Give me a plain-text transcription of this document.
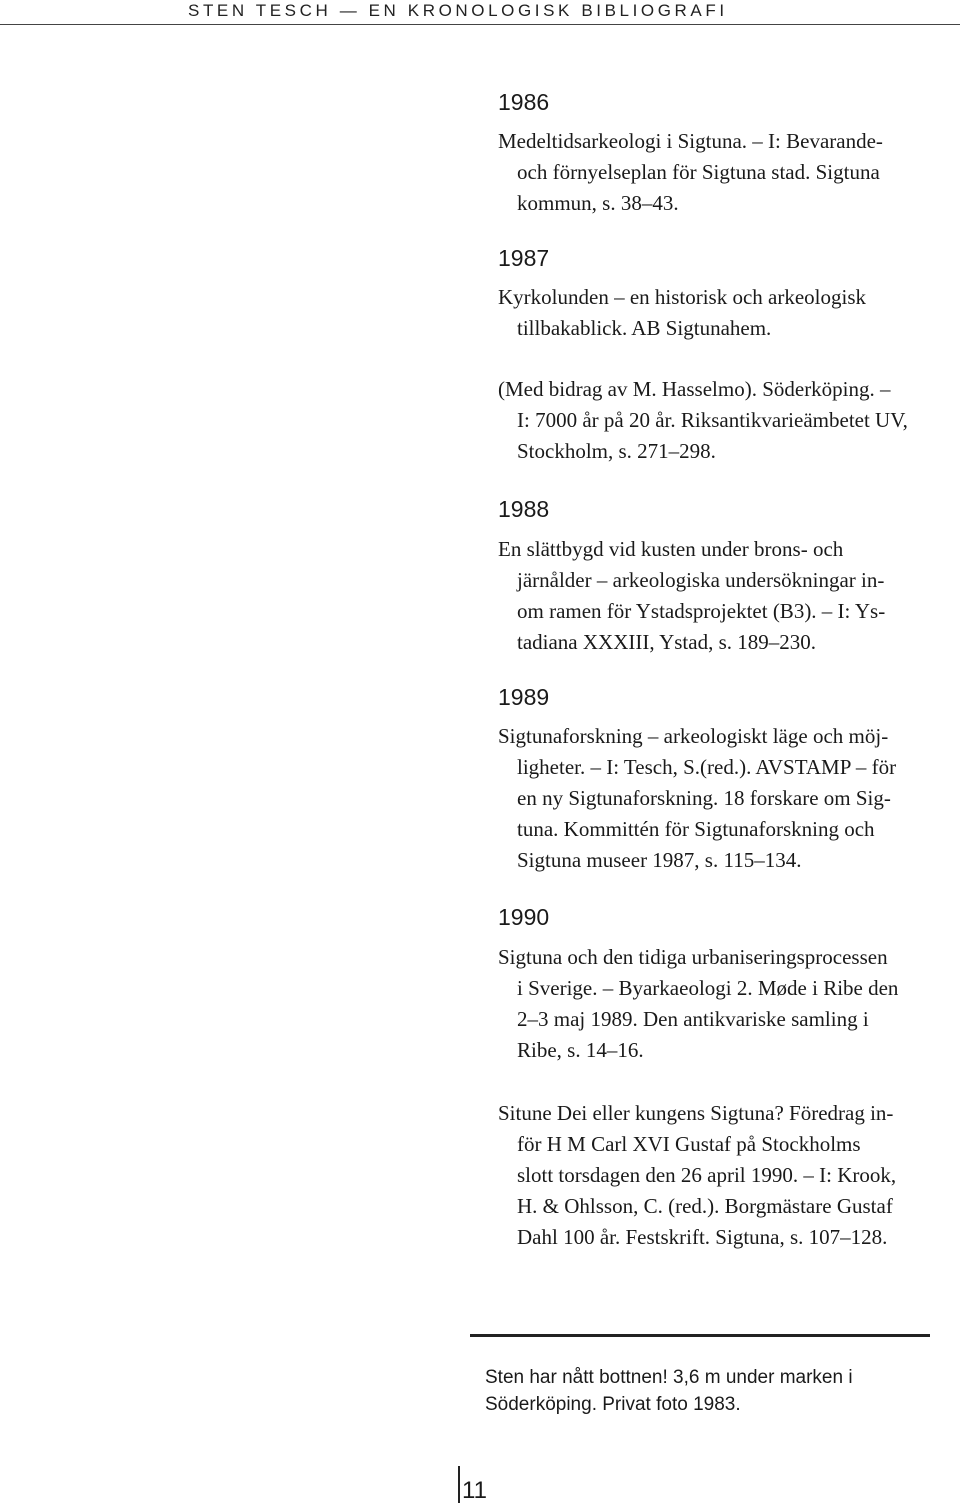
STEN TESCH — EN KRONOLOGISK BIBLIOGRAFI
1986
Medeltidsarkeologi i Sigtuna. – I: Bevarande-
och förnyelseplan för Sigtuna stad. Sigtuna
kommun, s. 38–43.
1987
Kyrkolunden – en historisk och arkeologisk
tillbakablick. AB Sigtunahem.
(Med bidrag av M. Hasselmo). Söderköping. –
I: 7000 år på 20 år. Riksantikvarieämbetet UV,
Stockholm, s. 271–298.
1988
En slättbygd vid kusten under brons- och
järnålder – arkeologiska undersökningar in-
om ramen för Ystadsprojektet (B3). – I: Ys-
tadiana XXXIII, Ystad, s. 189–230.
1989
Sigtunaforskning – arkeologiskt läge och möj-
ligheter. – I: Tesch, S.(red.). AVSTAMP – för
en ny Sigtunaforskning. 18 forskare om Sig-
tuna. Kommittén för Sigtunaforskning och
Sigtuna museer 1987, s. 115–134.
1990
Sigtuna och den tidiga urbaniseringsprocessen
i Sverige. – Byarkaeologi 2. Møde i Ribe den
2–3 maj 1989. Den antikvariske samling i
Ribe, s. 14–16.
Situne Dei eller kungens Sigtuna? Föredrag in-
för H M Carl XVI Gustaf på Stockholms
slott torsdagen den 26 april 1990. – I: Krook,
H. & Ohlsson, C. (red.). Borgmästare Gustaf
Dahl 100 år. Festskrift. Sigtuna, s. 107–128.
Sten har nått bottnen! 3,6 m under marken i
Söderköping. Privat foto 1983.
11
